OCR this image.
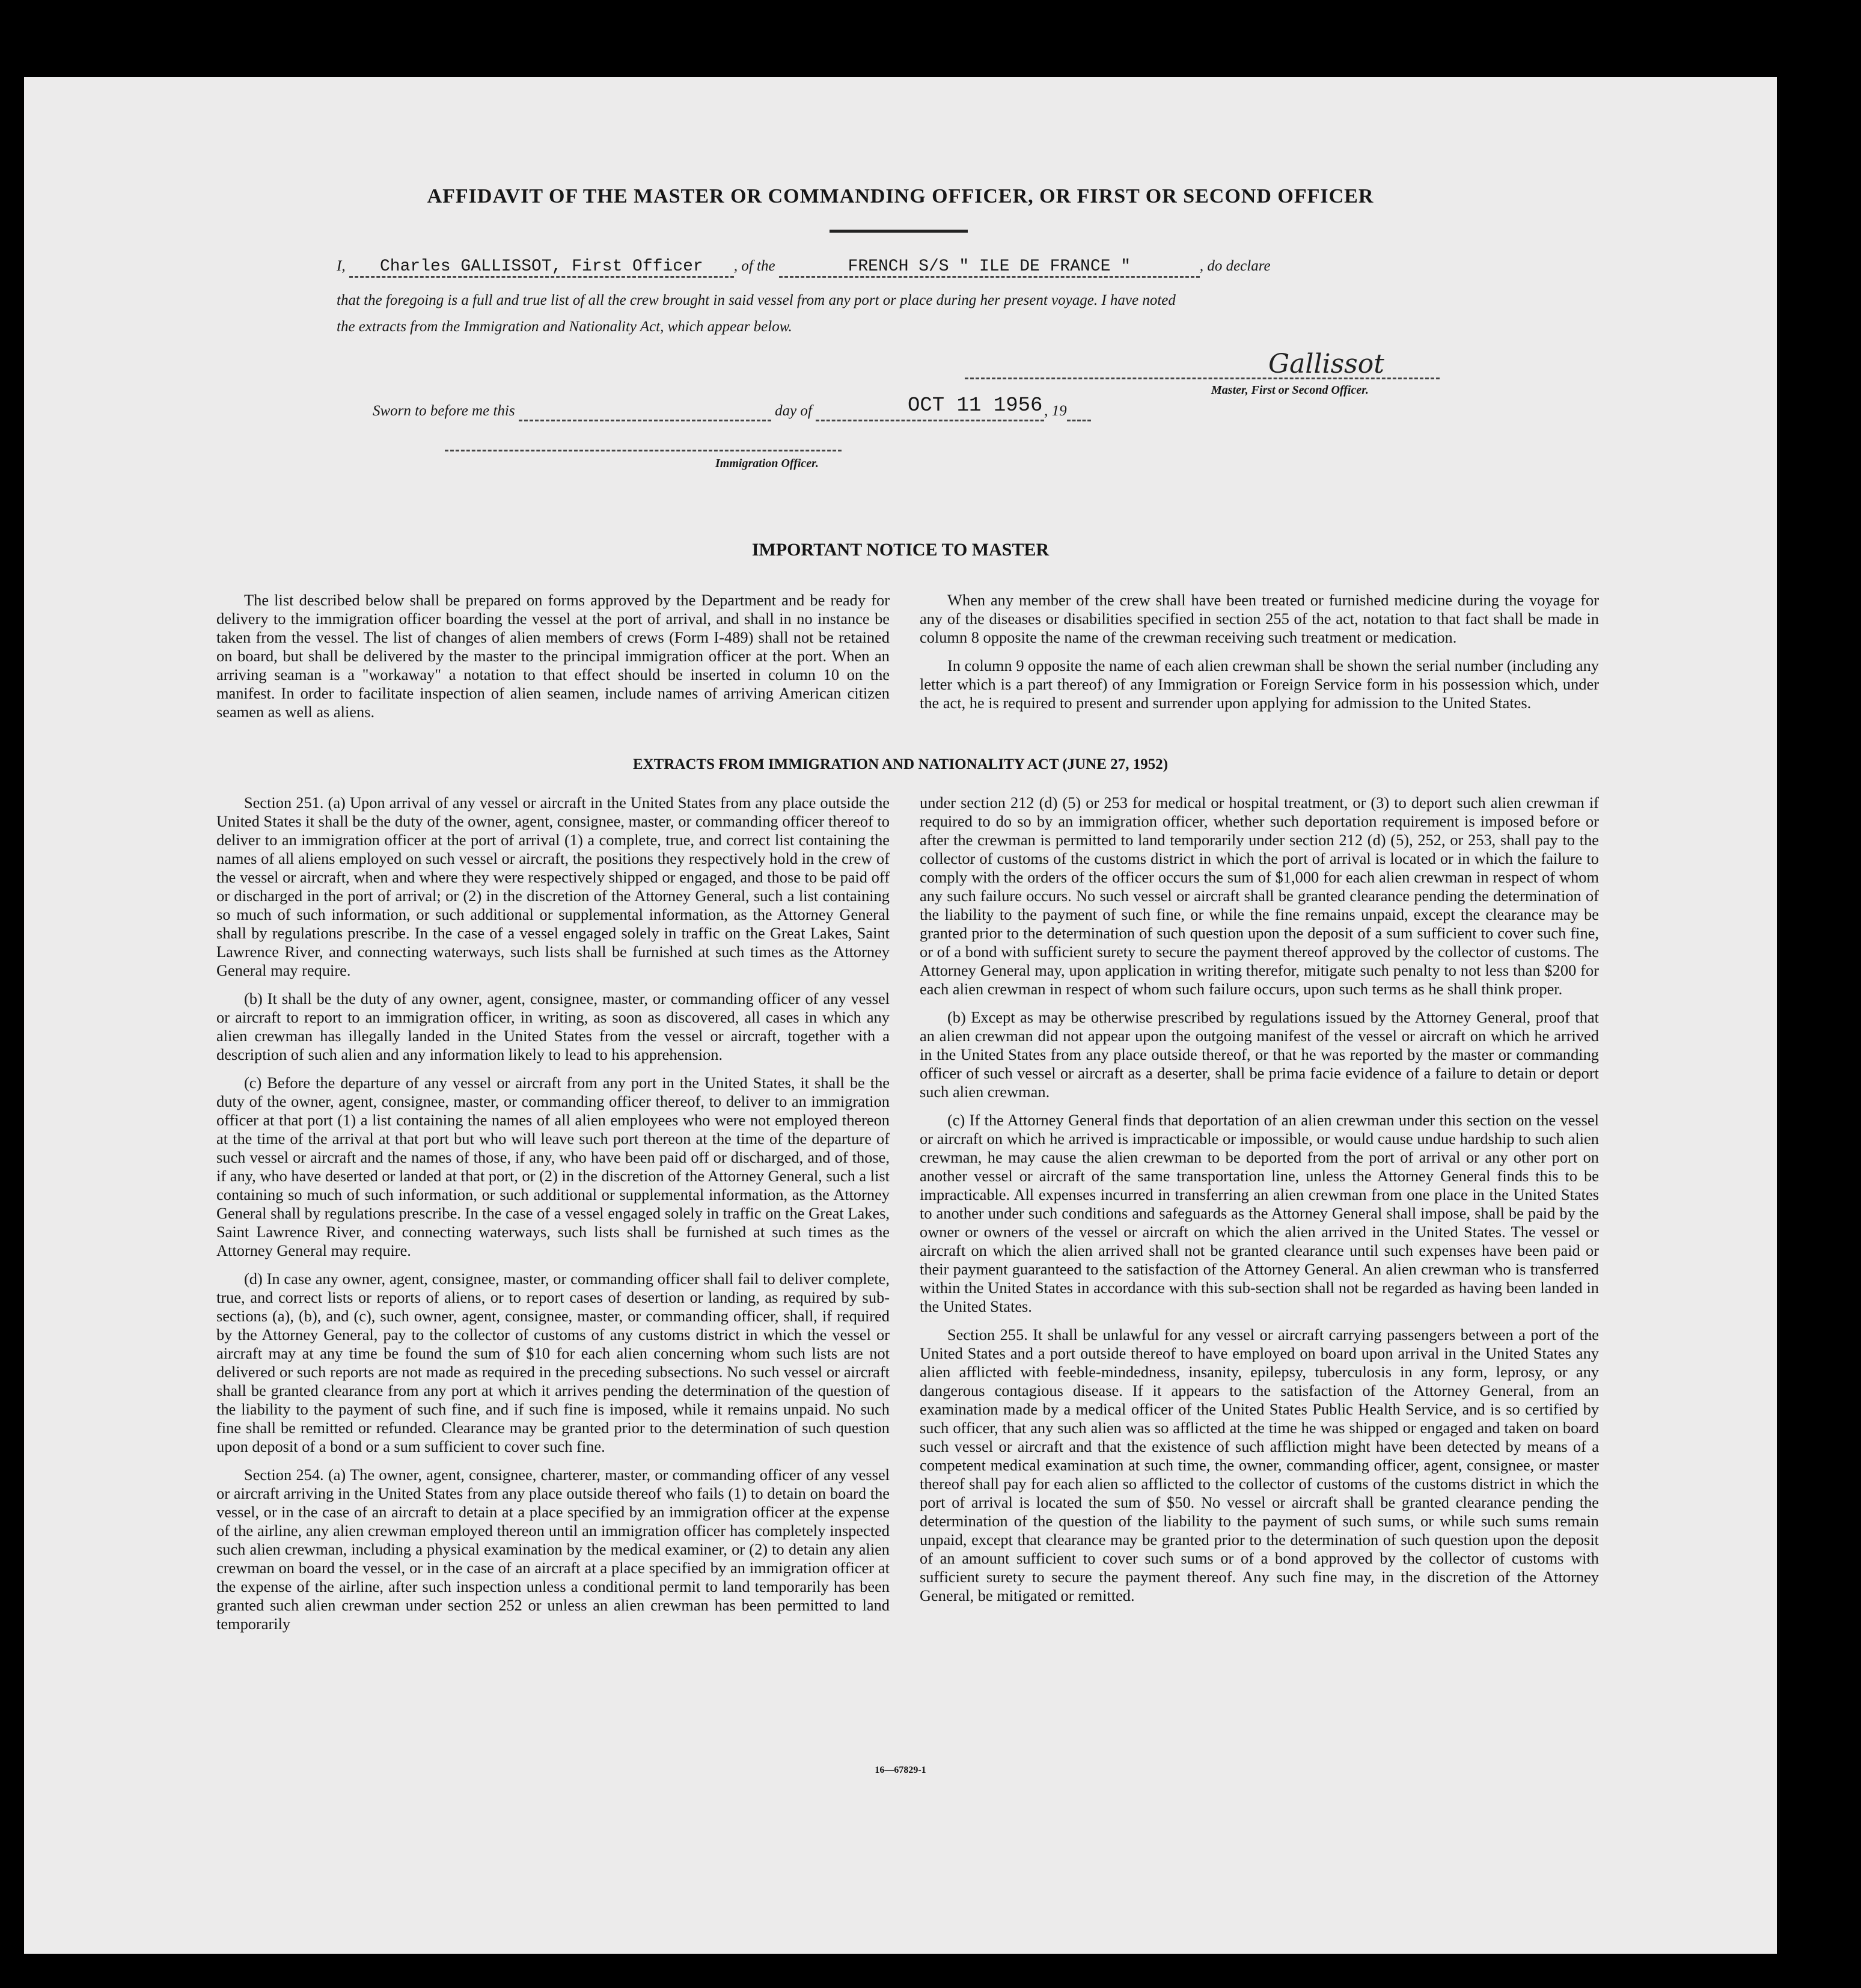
AFFIDAVIT OF THE MASTER OR COMMANDING OFFICER, OR FIRST OR SECOND OFFICER
I, Charles GALLISSOT, First Officer , of the	FRENCH S/S " ILE DE FRANCE "	, do declare
that the foregoing is a full and true list of all the crew brought in said vessel from any port or place during her present voyage. I have noted
the extracts from the Immigration and Nationality Act, which appear below.
Gallissot
Master, First or Second Officer.
Sworn to before me this	day of	, 19
OCT 11 1956
Immigration Officer.
IMPORTANT NOTICE TO MASTER

The list described below shall be prepared on forms approved by the Department and be ready for delivery to the immigration officer boarding the vessel at the port of arrival, and shall in no instance be taken from the vessel. The list of changes of alien members of crews (Form I-489) shall not be retained on board, but shall be delivered by the master to the principal immigration officer at the port. When an arriving seaman is a "workaway" a notation to that effect should be inserted in column 10 on the manifest. In order to facilitate inspection of alien seamen, include names of arriving American citizen seamen as well as aliens.

When any member of the crew shall have been treated or furnished medicine during the voyage for any of the diseases or disabilities specified in section 255 of the act, notation to that fact shall be made in column 8 opposite the name of the crewman receiving such treatment or medication.

In column 9 opposite the name of each alien crewman shall be shown the serial number (including any letter which is a part thereof) of any Immigration or Foreign Service form in his possession which, under the act, he is required to present and surrender upon applying for admission to the United States.

EXTRACTS FROM IMMIGRATION AND NATIONALITY ACT (JUNE 27, 1952)

Section 251. (a) Upon arrival of any vessel or aircraft in the United States from any place outside the United States it shall be the duty of the owner, agent, consignee, master, or commanding officer thereof to deliver to an immigration officer at the port of arrival (1) a complete, true, and correct list containing the names of all aliens employed on such vessel or aircraft, the positions they respectively hold in the crew of the vessel or aircraft, when and where they were respectively shipped or engaged, and those to be paid off or discharged in the port of arrival; or (2) in the discretion of the Attorney General, such a list containing so much of such information, or such additional or supplemental information, as the Attorney General shall by regulations prescribe. In the case of a vessel engaged solely in traffic on the Great Lakes, Saint Lawrence River, and connecting waterways, such lists shall be furnished at such times as the Attorney General may require.

(b) It shall be the duty of any owner, agent, consignee, master, or commanding officer of any vessel or aircraft to report to an immigration officer, in writing, as soon as discovered, all cases in which any alien crewman has illegally landed in the United States from the vessel or aircraft, together with a description of such alien and any information likely to lead to his apprehension.

(c) Before the departure of any vessel or aircraft from any port in the United States, it shall be the duty of the owner, agent, consignee, master, or commanding officer thereof, to deliver to an immigration officer at that port (1) a list containing the names of all alien employees who were not employed thereon at the time of the arrival at that port but who will leave such port thereon at the time of the departure of such vessel or aircraft and the names of those, if any, who have been paid off or discharged, and of those, if any, who have deserted or landed at that port, or (2) in the discretion of the Attorney General, such a list containing so much of such information, or such additional or supplemental information, as the Attorney General shall by regulations prescribe. In the case of a vessel engaged solely in traffic on the Great Lakes, Saint Lawrence River, and connecting waterways, such lists shall be furnished at such times as the Attorney General may require.

(d) In case any owner, agent, consignee, master, or commanding officer shall fail to deliver complete, true, and correct lists or reports of aliens, or to report cases of desertion or landing, as required by sub-sections (a), (b), and (c), such owner, agent, consignee, master, or commanding officer, shall, if required by the Attorney General, pay to the collector of customs of any customs district in which the vessel or aircraft may at any time be found the sum of $10 for each alien concerning whom such lists are not delivered or such reports are not made as required in the preceding subsections. No such vessel or aircraft shall be granted clearance from any port at which it arrives pending the determination of the question of the liability to the payment of such fine, and if such fine is imposed, while it remains unpaid. No such fine shall be remitted or refunded. Clearance may be granted prior to the determination of such question upon deposit of a bond or a sum sufficient to cover such fine.

Section 254. (a) The owner, agent, consignee, charterer, master, or commanding officer of any vessel or aircraft arriving in the United States from any place outside thereof who fails (1) to detain on board the vessel, or in the case of an aircraft to detain at a place specified by an immigration officer at the expense of the airline, any alien crewman employed thereon until an immigration officer has completely inspected such alien crewman, including a physical examination by the medical examiner, or (2) to detain any alien crewman on board the vessel, or in the case of an aircraft at a place specified by an immigration officer at the expense of the airline, after such inspection unless a conditional permit to land temporarily has been granted such alien crewman under section 252 or unless an alien crewman has been permitted to land temporarily

under section 212 (d) (5) or 253 for medical or hospital treatment, or (3) to deport such alien crewman if required to do so by an immigration officer, whether such deportation requirement is imposed before or after the crewman is permitted to land temporarily under section 212 (d) (5), 252, or 253, shall pay to the collector of customs of the customs district in which the port of arrival is located or in which the failure to comply with the orders of the officer occurs the sum of $1,000 for each alien crewman in respect of whom any such failure occurs. No such vessel or aircraft shall be granted clearance pending the determination of the liability to the payment of such fine, or while the fine remains unpaid, except the clearance may be granted prior to the determination of such question upon the deposit of a sum sufficient to cover such fine, or of a bond with sufficient surety to secure the payment thereof approved by the collector of customs. The Attorney General may, upon application in writing therefor, mitigate such penalty to not less than $200 for each alien crewman in respect of whom such failure occurs, upon such terms as he shall think proper.

(b) Except as may be otherwise prescribed by regulations issued by the Attorney General, proof that an alien crewman did not appear upon the outgoing manifest of the vessel or aircraft on which he arrived in the United States from any place outside thereof, or that he was reported by the master or commanding officer of such vessel or aircraft as a deserter, shall be prima facie evidence of a failure to detain or deport such alien crewman.

(c) If the Attorney General finds that deportation of an alien crewman under this section on the vessel or aircraft on which he arrived is impracticable or impossible, or would cause undue hardship to such alien crewman, he may cause the alien crewman to be deported from the port of arrival or any other port on another vessel or aircraft of the same transportation line, unless the Attorney General finds this to be impracticable. All expenses incurred in transferring an alien crewman from one place in the United States to another under such conditions and safeguards as the Attorney General shall impose, shall be paid by the owner or owners of the vessel or aircraft on which the alien arrived in the United States. The vessel or aircraft on which the alien arrived shall not be granted clearance until such expenses have been paid or their payment guaranteed to the satisfaction of the Attorney General. An alien crewman who is transferred within the United States in accordance with this sub-section shall not be regarded as having been landed in the United States.

Section 255. It shall be unlawful for any vessel or aircraft carrying passengers between a port of the United States and a port outside thereof to have employed on board upon arrival in the United States any alien afflicted with feeble-mindedness, insanity, epilepsy, tuberculosis in any form, leprosy, or any dangerous contagious disease. If it appears to the satisfaction of the Attorney General, from an examination made by a medical officer of the United States Public Health Service, and is so certified by such officer, that any such alien was so afflicted at the time he was shipped or engaged and taken on board such vessel or aircraft and that the existence of such affliction might have been detected by means of a competent medical examination at such time, the owner, commanding officer, agent, consignee, or master thereof shall pay for each alien so afflicted to the collector of customs of the customs district in which the port of arrival is located the sum of $50. No vessel or aircraft shall be granted clearance pending the determination of the question of the liability to the payment of such sums, or while such sums remain unpaid, except that clearance may be granted prior to the determination of such question upon the deposit of an amount sufficient to cover such sums or of a bond approved by the collector of customs with sufficient surety to secure the payment thereof. Any such fine may, in the discretion of the Attorney General, be mitigated or remitted.

16—67829-1
